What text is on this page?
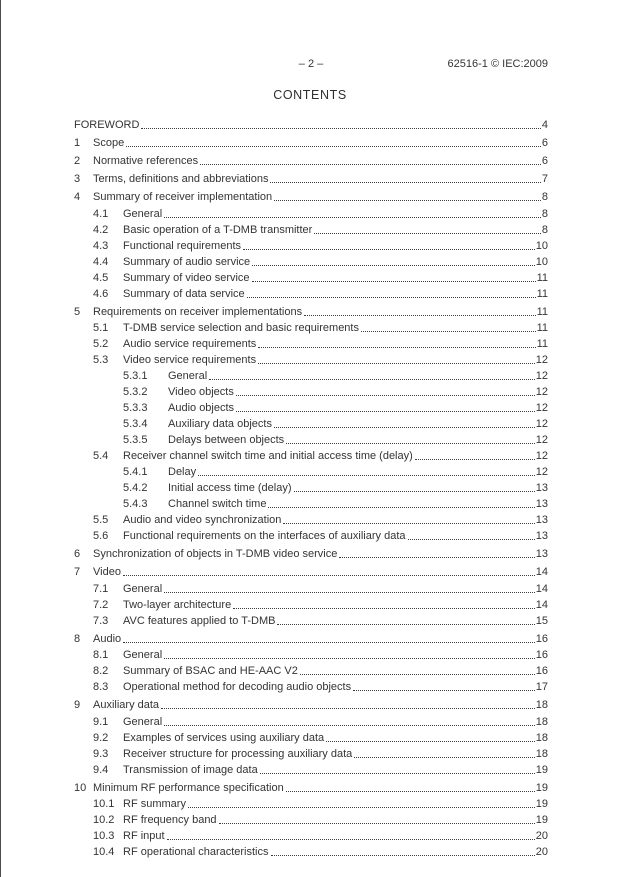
– 2 –	62516-1 © IEC:2009
CONTENTS
FOREWORD	4
1	Scope	6
2	Normative references	6
3	Terms, definitions and abbreviations	7
4	Summary of receiver implementation	8
4.1	General	8
4.2	Basic operation of a T-DMB transmitter	8
4.3	Functional requirements	10
4.4	Summary of audio service	10
4.5	Summary of video service	11
4.6	Summary of data service	11
5	Requirements on receiver implementations	11
5.1	T-DMB service selection and basic requirements	11
5.2	Audio service requirements	11
5.3	Video service requirements	12
5.3.1	General	12
5.3.2	Video objects	12
5.3.3	Audio objects	12
5.3.4	Auxiliary data objects	12
5.3.5	Delays between objects	12
5.4	Receiver channel switch time and initial access time (delay)	12
5.4.1	Delay	12
5.4.2	Initial access time (delay)	13
5.4.3	Channel switch time	13
5.5	Audio and video synchronization	13
5.6	Functional requirements on the interfaces of auxiliary data	13
6	Synchronization of objects in T-DMB video service	13
7	Video	14
7.1	General	14
7.2	Two-layer architecture	14
7.3	AVC features applied to T-DMB	15
8	Audio	16
8.1	General	16
8.2	Summary of BSAC and HE-AAC V2	16
8.3	Operational method for decoding audio objects	17
9	Auxiliary data	18
9.1	General	18
9.2	Examples of services using auxiliary data	18
9.3	Receiver structure for processing auxiliary data	18
9.4	Transmission of image data	19
10 Minimum RF performance specification	19
10.1 RF summary	19
10.2 RF frequency band	19
10.3 RF input	20
10.4 RF operational characteristics	20
